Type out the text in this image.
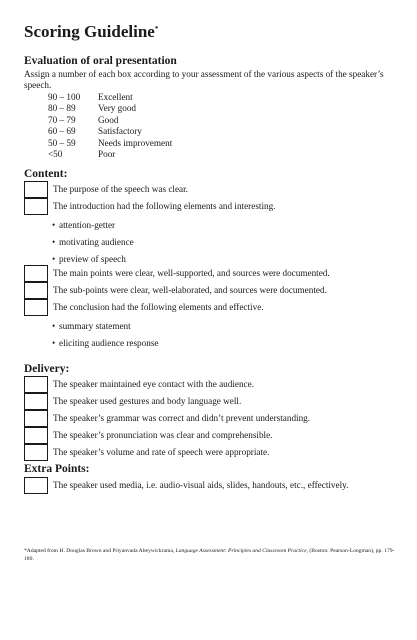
Scoring Guideline*
Evaluation of oral presentation
Assign a number of each box according to your assessment of the various aspects of the speaker’s speech.
90 – 100	Excellent
80 – 89	Very good
70 – 79	Good
60 – 69	Satisfactory
50 – 59	Needs improvement
<50	Poor
Content:
The purpose of the speech was clear.
The introduction had the following elements and interesting.
• attention-getter
• motivating audience
• preview of speech
The main points were clear, well-supported, and sources were documented.
The sub-points were clear, well-elaborated, and sources were documented.
The conclusion had the following elements and effective.
• summary statement
• eliciting audience response
Delivery:
The speaker maintained eye contact with the audience.
The speaker used gestures and body language well.
The speaker’s grammar was correct and didn’t prevent understanding.
The speaker’s pronunciation was clear and comprehensible.
The speaker’s volume and rate of speech were appropriate.
Extra Points:
The speaker used media, i.e. audio-visual aids, slides, handouts, etc., effectively.
*Adapted from H. Douglas Brown and Priyanvada Abeywickrama, Language Assessment: Principles and Classroom Practice, (Boston: Pearson-Longman), pp. 179-180.
